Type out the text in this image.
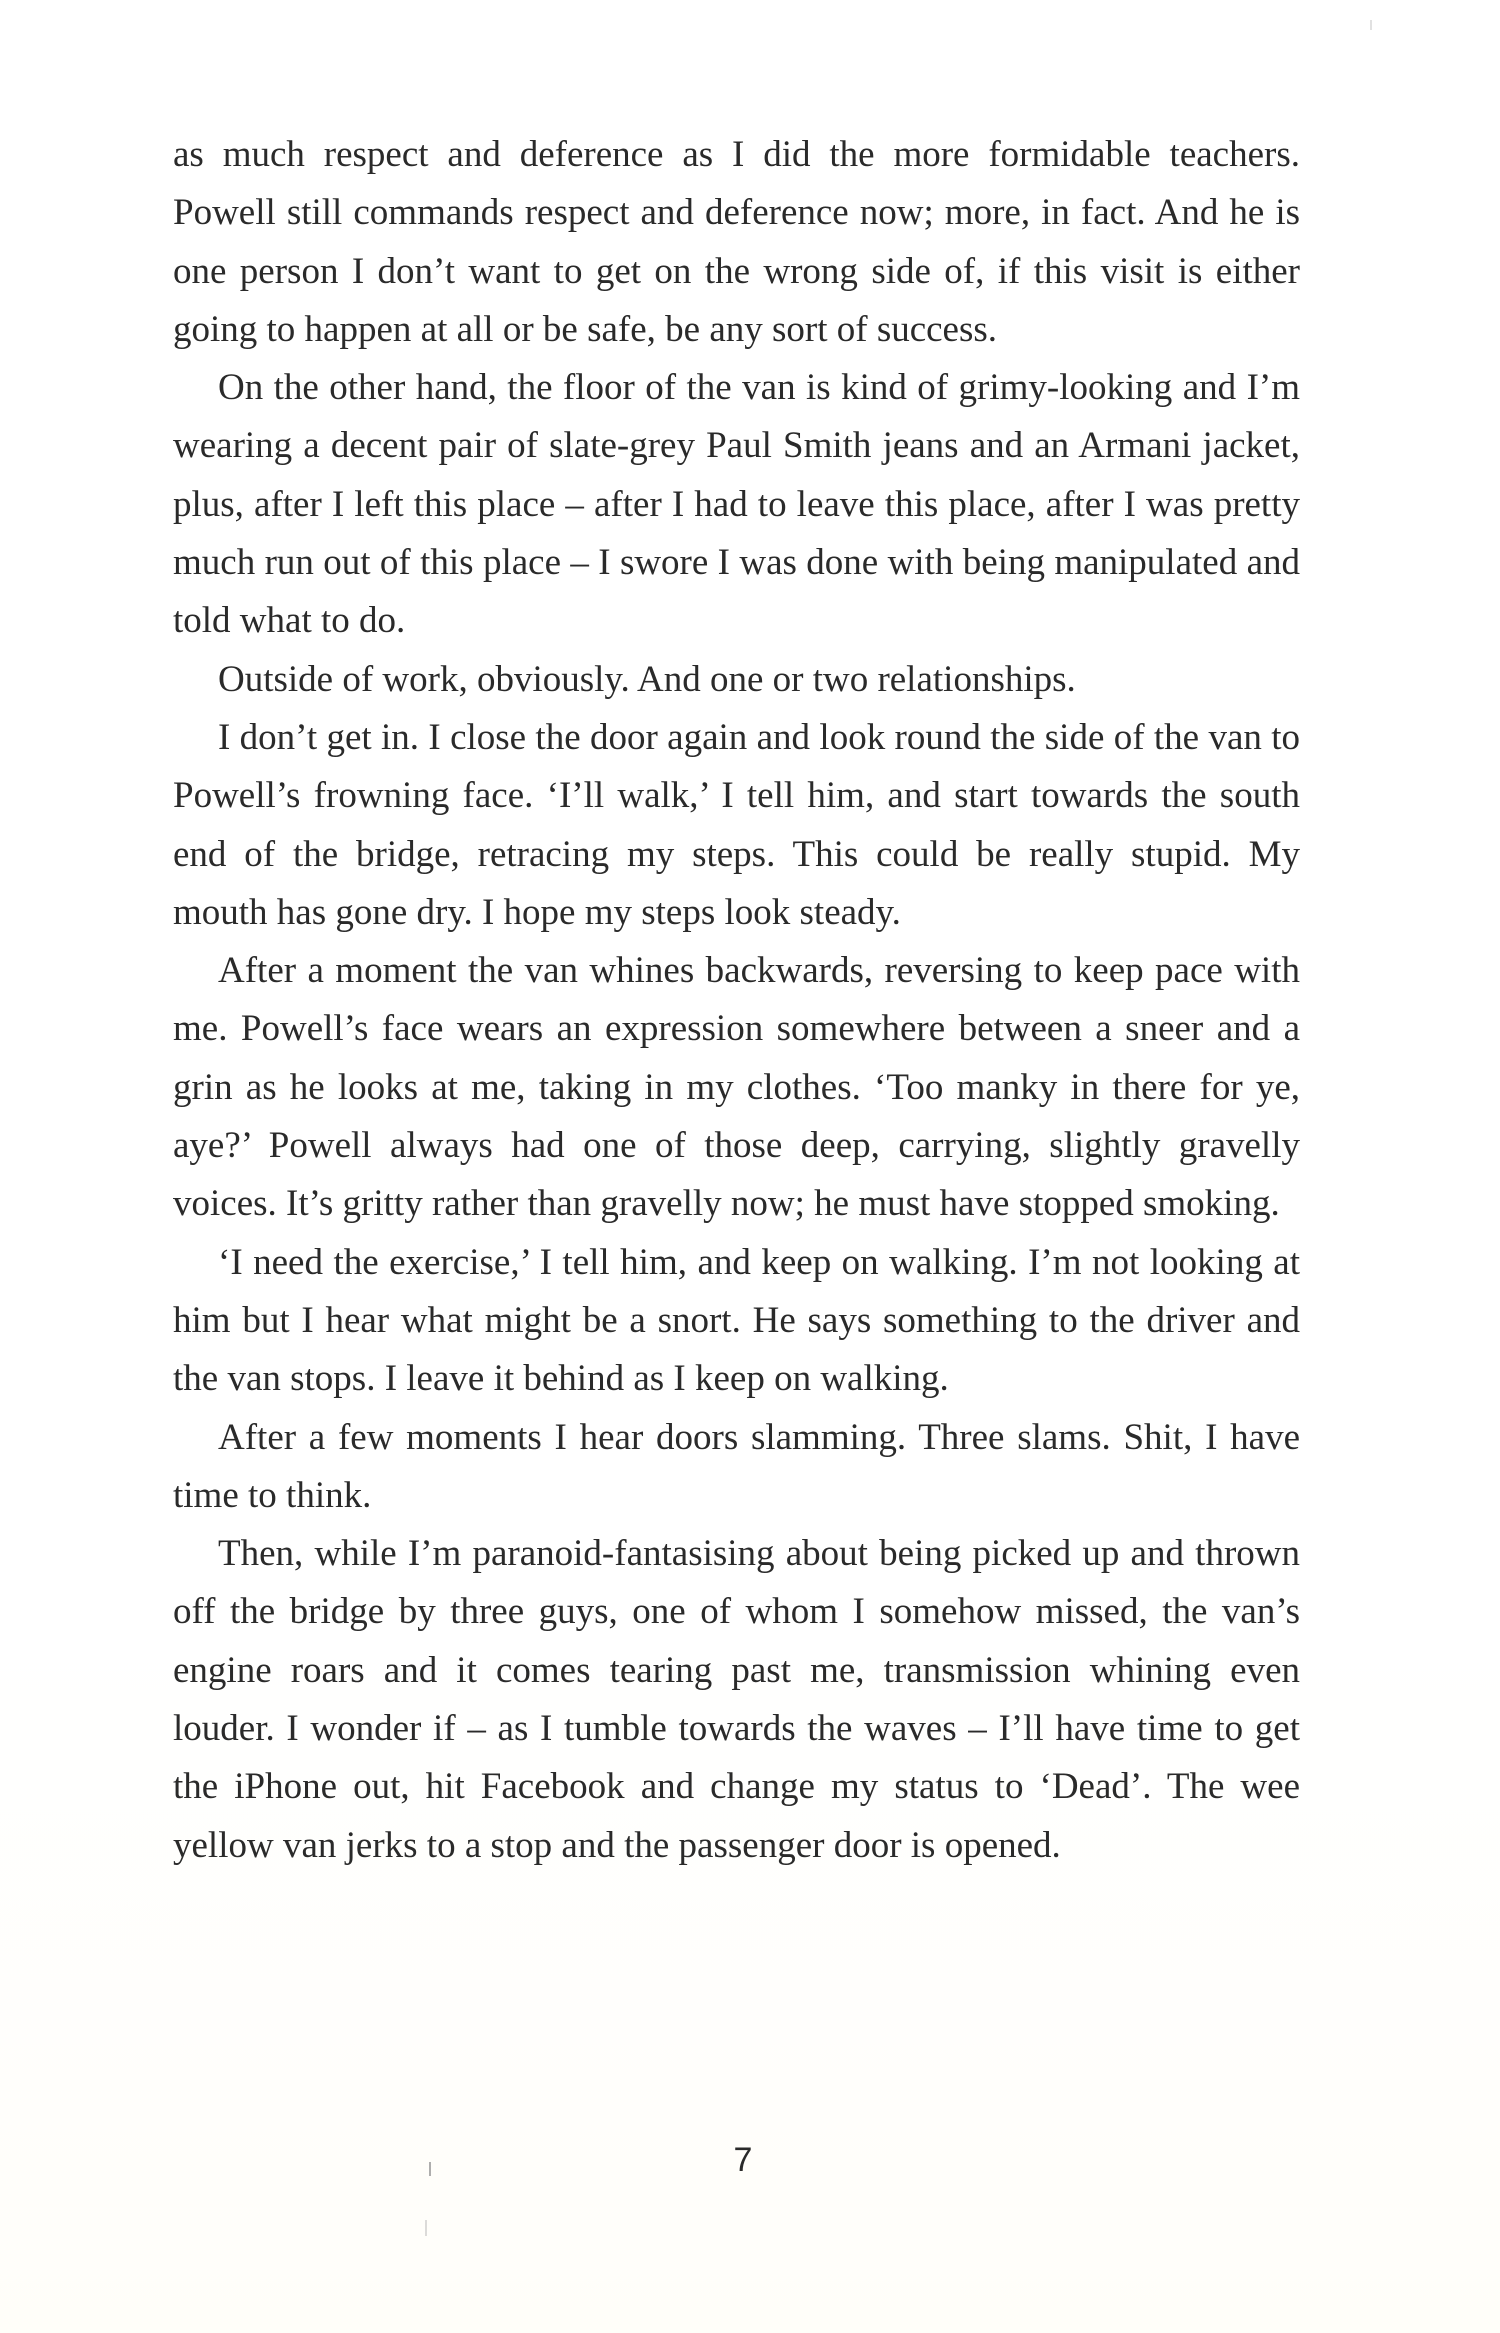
as much respect and deference as I did the more formidable teachers. Powell still commands respect and deference now; more, in fact. And he is one person I don’t want to get on the wrong side of, if this visit is either going to happen at all or be safe, be any sort of success.

On the other hand, the floor of the van is kind of grimy-looking and I’m wearing a decent pair of slate-grey Paul Smith jeans and an Armani jacket, plus, after I left this place – after I had to leave this place, after I was pretty much run out of this place – I swore I was done with being manipulated and told what to do.

Outside of work, obviously. And one or two relationships.

I don’t get in. I close the door again and look round the side of the van to Powell’s frowning face. ‘I’ll walk,’ I tell him, and start towards the south end of the bridge, retracing my steps. This could be really stupid. My mouth has gone dry. I hope my steps look steady.

After a moment the van whines backwards, reversing to keep pace with me. Powell’s face wears an expression somewhere between a sneer and a grin as he looks at me, taking in my clothes. ‘Too manky in there for ye, aye?’ Powell always had one of those deep, carrying, slightly gravelly voices. It’s gritty rather than gravelly now; he must have stopped smoking.

‘I need the exercise,’ I tell him, and keep on walking. I’m not looking at him but I hear what might be a snort. He says something to the driver and the van stops. I leave it behind as I keep on walking.

After a few moments I hear doors slamming. Three slams. Shit, I have time to think.

Then, while I’m paranoid-fantasising about being picked up and thrown off the bridge by three guys, one of whom I somehow missed, the van’s engine roars and it comes tearing past me, transmission whining even louder. I wonder if – as I tumble towards the waves – I’ll have time to get the iPhone out, hit Facebook and change my status to ‘Dead’. The wee yellow van jerks to a stop and the passenger door is opened.

7
